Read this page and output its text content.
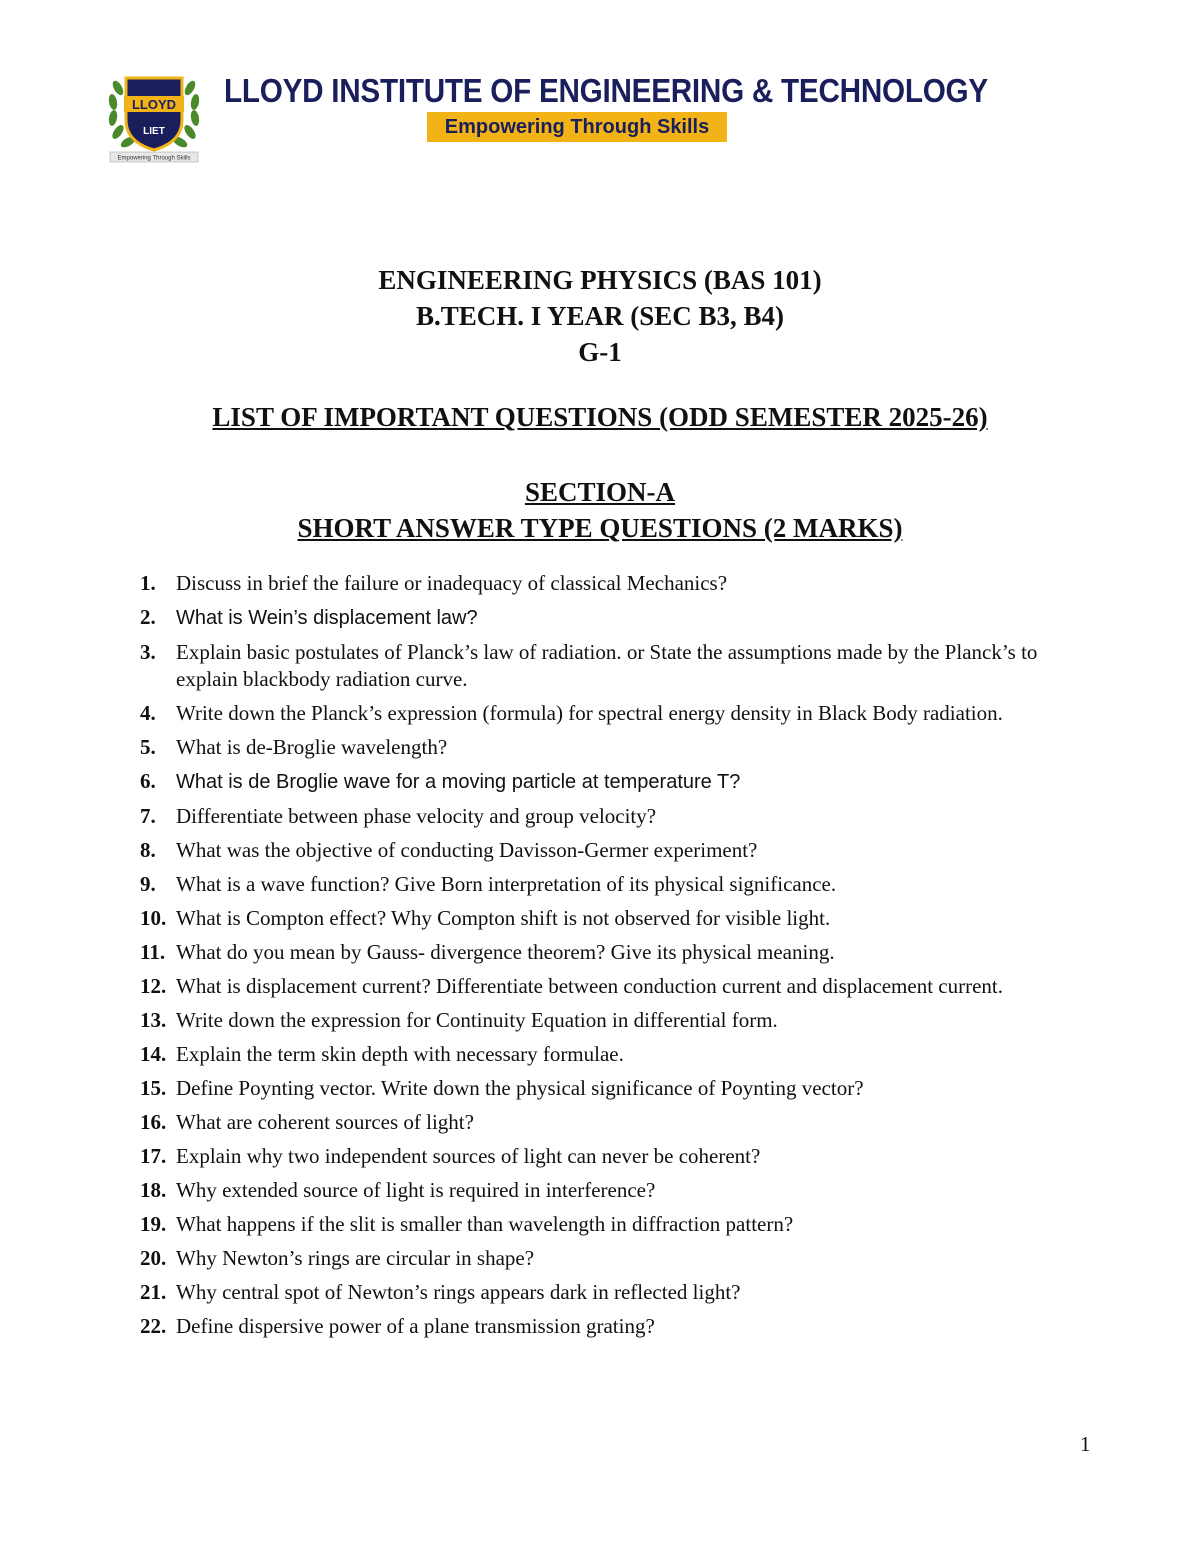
LLOYD
LIET
Empowering Through Skills
LLOYD INSTITUTE OF ENGINEERING & TECHNOLOGY
Empowering Through Skills
ENGINEERING PHYSICS (BAS 101)
B.TECH. I YEAR (SEC B3, B4)
G-1
LIST OF IMPORTANT QUESTIONS (ODD SEMESTER 2025-26)
SECTION-A
SHORT ANSWER TYPE QUESTIONS (2 MARKS)
1. Discuss in brief the failure or inadequacy of classical Mechanics?
2. What is Wein’s displacement law?
3. Explain basic postulates of Planck’s law of radiation. or State the assumptions made by the Planck’s to explain blackbody radiation curve.
4. Write down the Planck’s expression (formula) for spectral energy density in Black Body radiation.
5. What is de-Broglie wavelength?
6. What is de Broglie wave for a moving particle at temperature T?
7. Differentiate between phase velocity and group velocity?
8. What was the objective of conducting Davisson-Germer experiment?
9. What is a wave function? Give Born interpretation of its physical significance.
10. What is Compton effect? Why Compton shift is not observed for visible light.
11. What do you mean by Gauss- divergence theorem? Give its physical meaning.
12. What is displacement current? Differentiate between conduction current and displacement current.
13. Write down the expression for Continuity Equation in differential form.
14. Explain the term skin depth with necessary formulae.
15. Define Poynting vector. Write down the physical significance of Poynting vector?
16. What are coherent sources of light?
17. Explain why two independent sources of light can never be coherent?
18. Why extended source of light is required in interference?
19. What happens if the slit is smaller than wavelength in diffraction pattern?
20. Why Newton’s rings are circular in shape?
21. Why central spot of Newton’s rings appears dark in reflected light?
22. Define dispersive power of a plane transmission grating?
1
